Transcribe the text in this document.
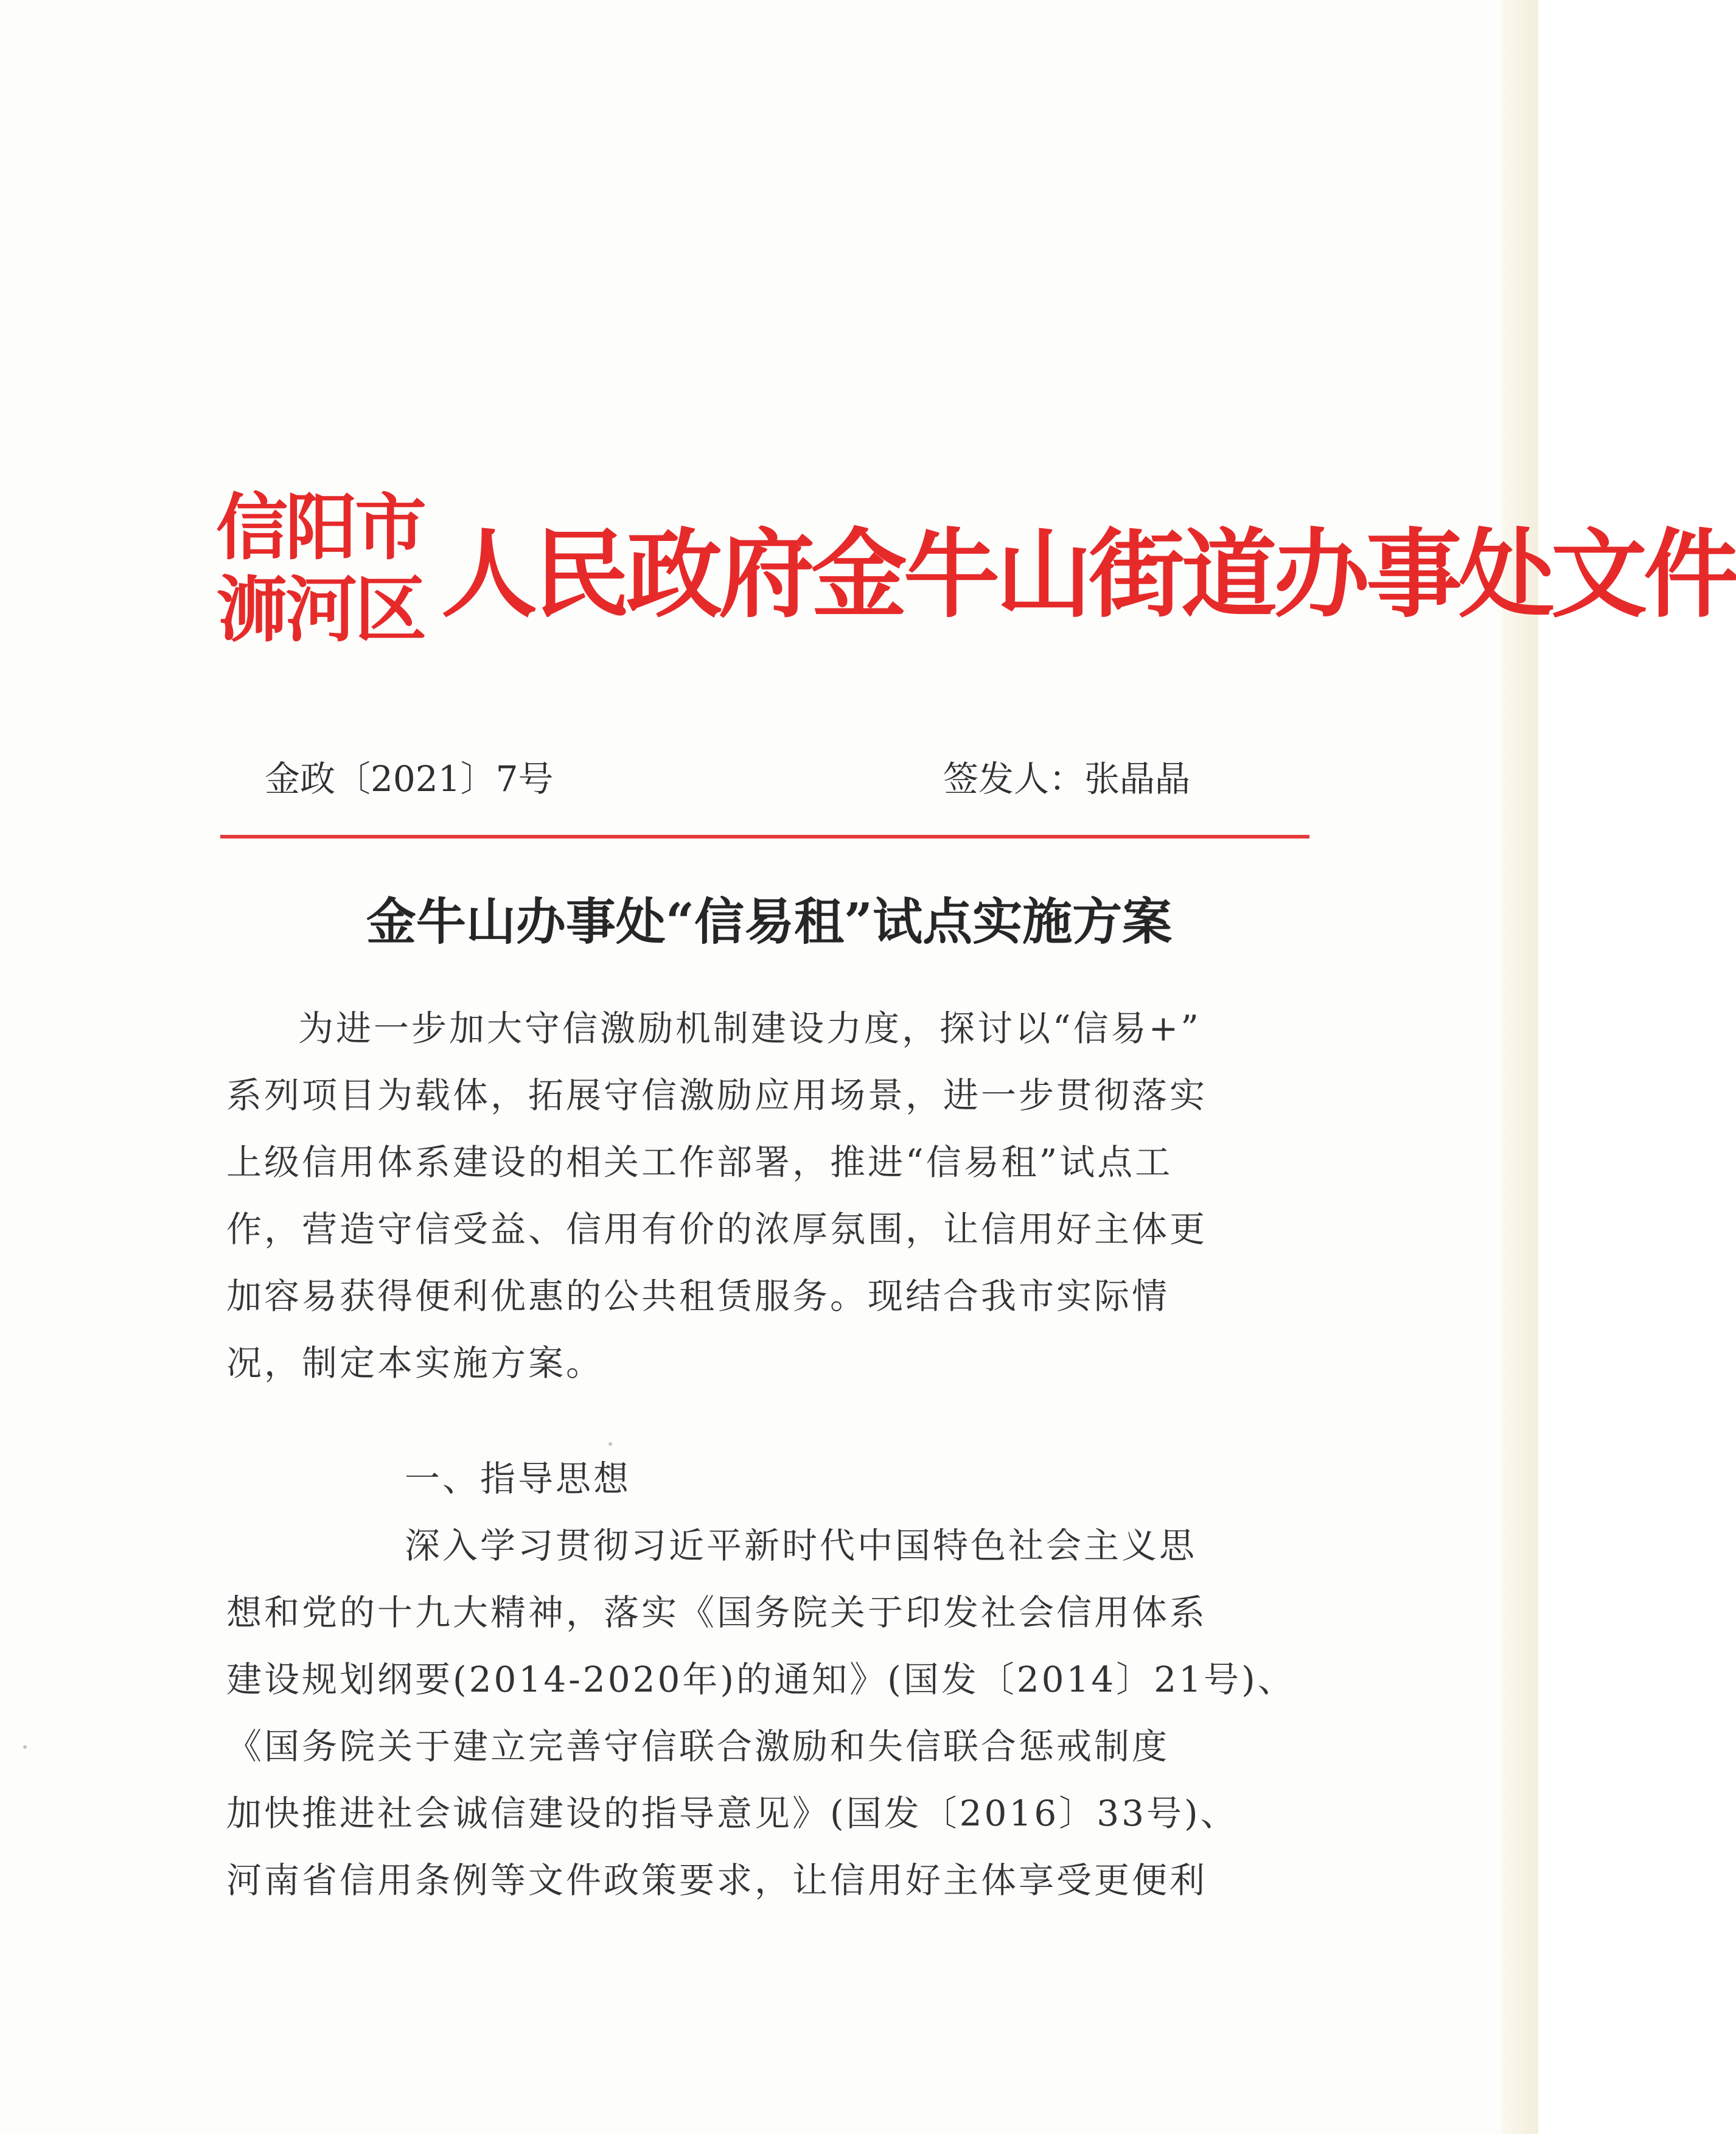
信阳市
浉河区 人民政府金牛山街道办事处文件
金政〔2021〕7号	签发人：张晶晶
金牛山办事处“信易租”试点实施方案
为进一步加大守信激励机制建设力度，探讨以“信易+”
系列项目为载体，拓展守信激励应用场景，进一步贯彻落实
上级信用体系建设的相关工作部署，推进“信易租”试点工
作，营造守信受益、信用有价的浓厚氛围，让信用好主体更
加容易获得便利优惠的公共租赁服务。现结合我市实际情
况，制定本实施方案。
一、指导思想
深入学习贯彻习近平新时代中国特色社会主义思
想和党的十九大精神，落实《国务院关于印发社会信用体系
建设规划纲要(2014-2020年)的通知》(国发〔2014〕21号)、
《国务院关于建立完善守信联合激励和失信联合惩戒制度
加快推进社会诚信建设的指导意见》(国发〔2016〕33号)、
河南省信用条例等文件政策要求，让信用好主体享受更便利
